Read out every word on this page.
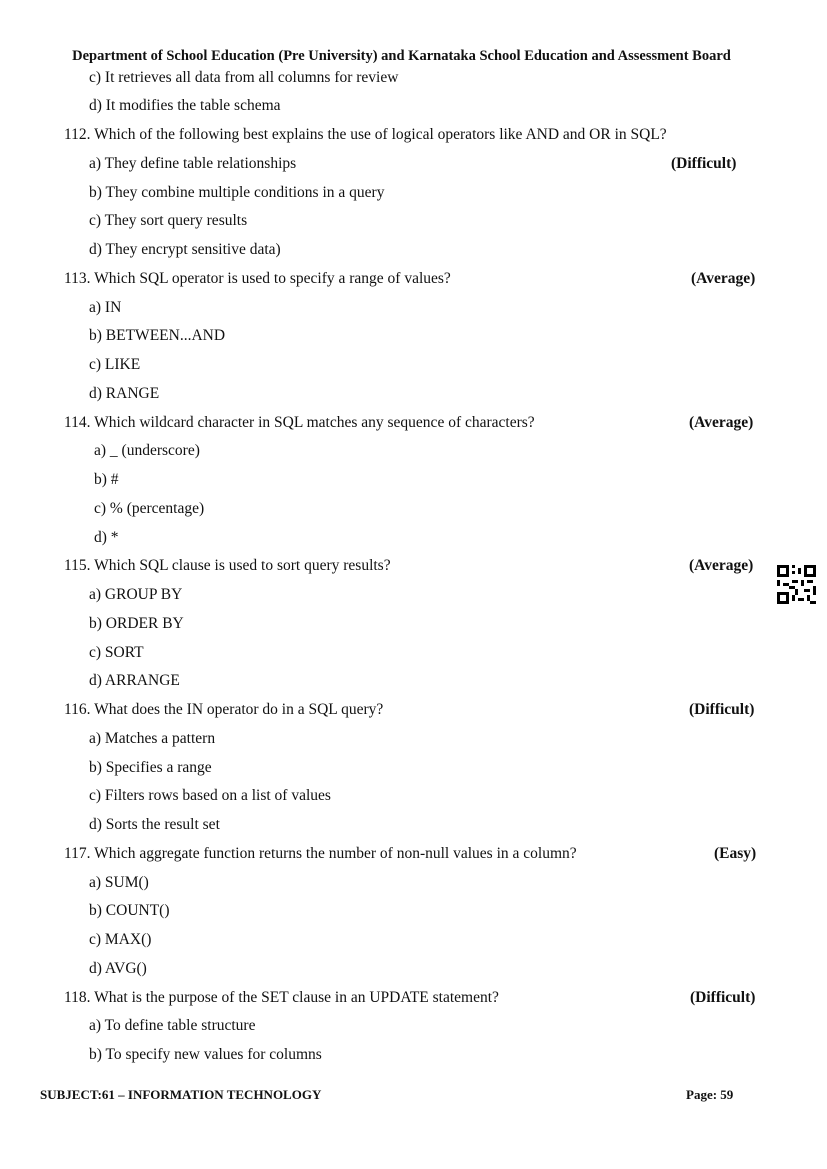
Department of School Education (Pre University) and Karnataka School Education and Assessment Board
c) It retrieves all data from all columns for review
d) It modifies the table schema
112. Which of the following best explains the use of logical operators like AND and OR in SQL?
a) They define table relationships
b) They combine multiple conditions in a query
c) They sort query results
d) They encrypt sensitive data)
113. Which SQL operator is used to specify a range of values?
a) IN
b) BETWEEN...AND
c) LIKE
d) RANGE
114. Which wildcard character in SQL matches any sequence of characters?
a) _ (underscore)
b) #
c) % (percentage)
d) *
115. Which SQL clause is used to sort query results?
a) GROUP BY
b) ORDER BY
c) SORT
d) ARRANGE
116. What does the IN operator do in a SQL query?
a) Matches a pattern
b) Specifies a range
c) Filters rows based on a list of values
d) Sorts the result set
117. Which aggregate function returns the number of non-null values in a column?
a) SUM()
b) COUNT()
c) MAX()
d) AVG()
118. What is the purpose of the SET clause in an UPDATE statement?
a) To define table structure
b) To specify new values for columns
(Difficult)
(Average)
(Average)
(Average)
(Difficult)
(Easy)
(Difficult)
SUBJECT:61 – INFORMATION TECHNOLOGY	Page: 59
